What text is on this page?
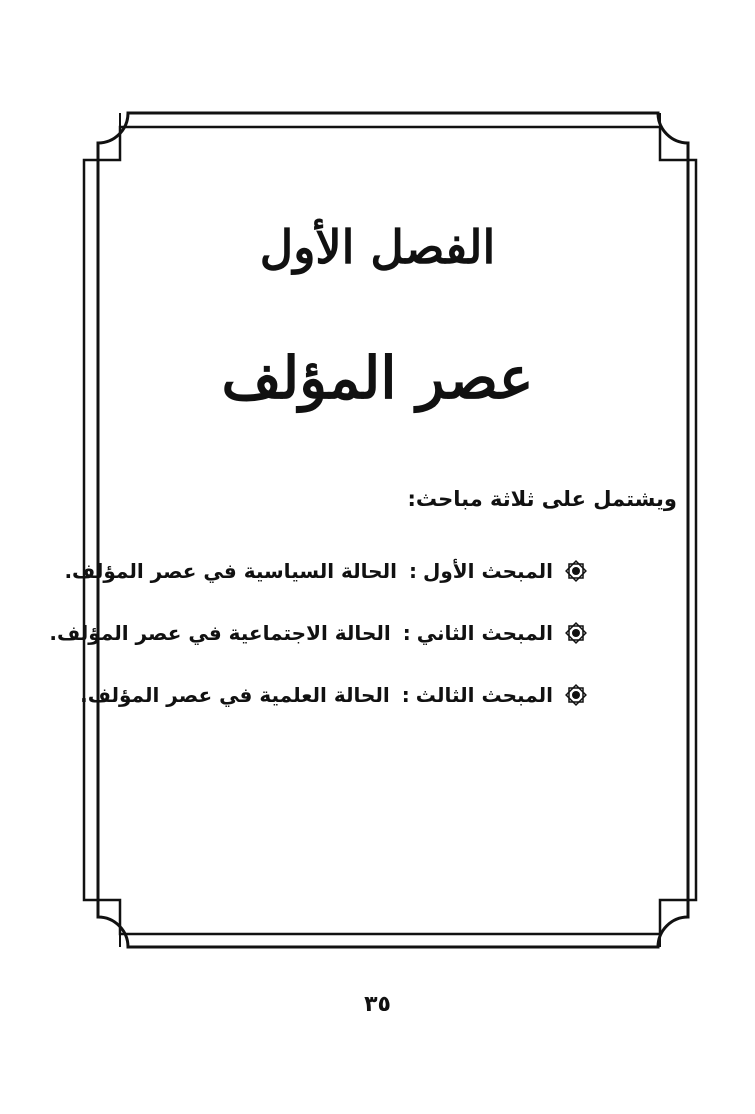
الفصل الأول
عصر المؤلف
ويشتمل على ثلاثة مباحث:
المبحث الأول
:
الحالة السياسية في عصر المؤلف.
المبحث الثاني
:
الحالة الاجتماعية في عصر المؤلف.
المبحث الثالث
:
الحالة العلمية في عصر المؤلف.
٣٥
